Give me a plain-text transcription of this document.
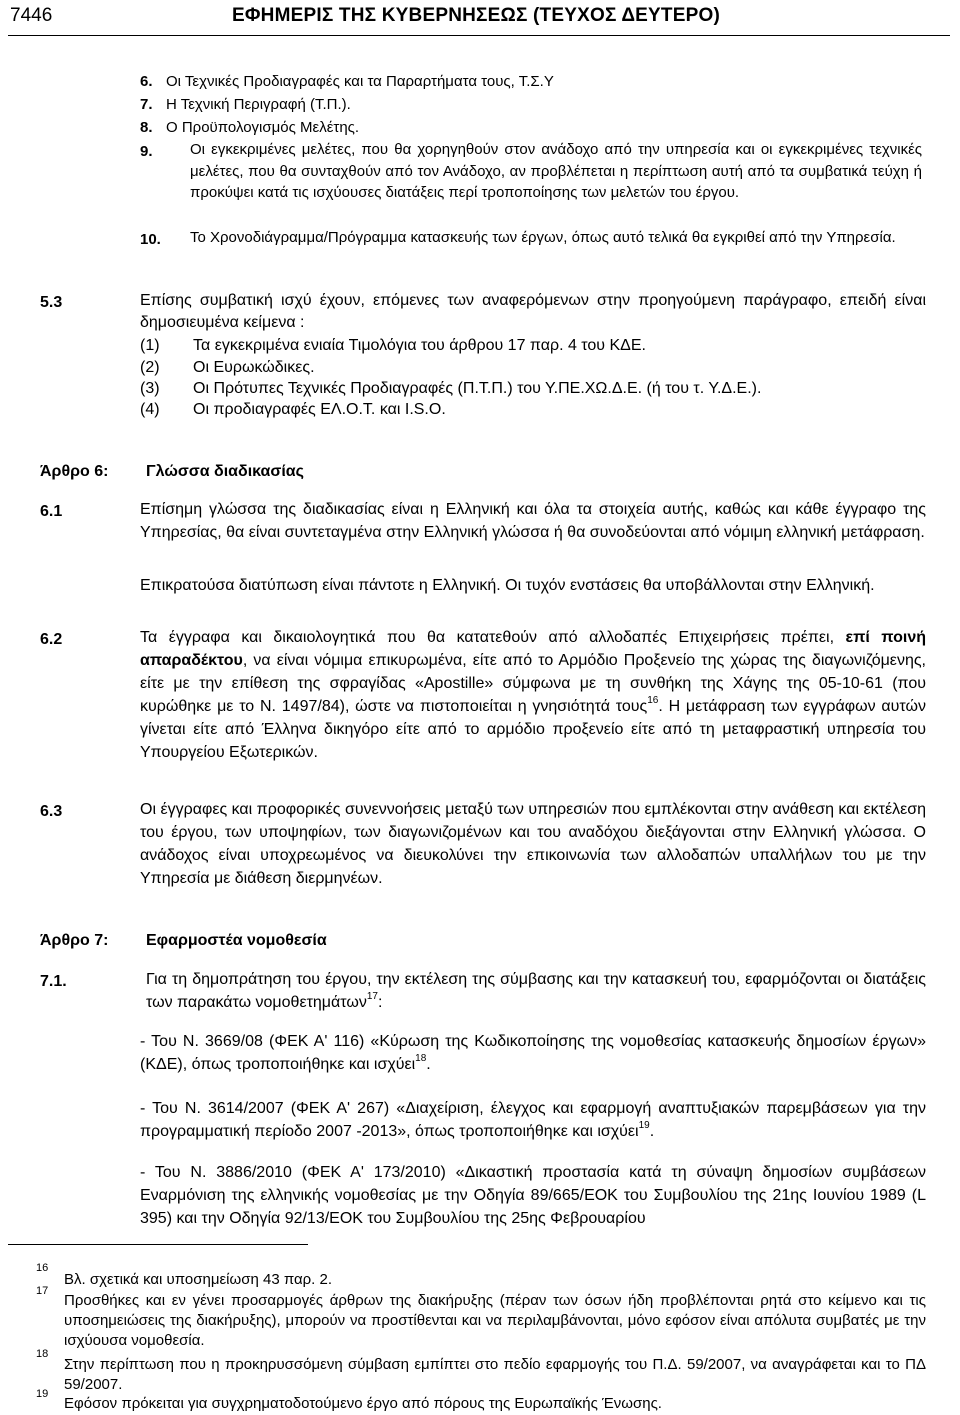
7446	ΕΦΗΜΕΡΙΣ ΤΗΣ ΚΥΒΕΡΝΗΣΕΩΣ (ΤΕΥΧΟΣ ΔΕΥΤΕΡΟ)
6. Οι Τεχνικές Προδιαγραφές και τα Παραρτήματα τους, Τ.Σ.Υ
7. Η Τεχνική Περιγραφή (Τ.Π.).
8. Ο Προϋπολογισμός Μελέτης.
9. Οι εγκεκριμένες μελέτες, που θα χορηγηθούν στον ανάδοχο από την υπηρεσία και οι εγκεκριμένες τεχνικές μελέτες, που θα συνταχθούν από τον Ανάδοχο, αν προβλέπεται η περίπτωση αυτή από τα συμβατικά τεύχη ή προκύψει κατά τις ισχύουσες διατάξεις περί τροποποίησης των μελετών του έργου.
10. Το Χρονοδιάγραμμα/Πρόγραμμα κατασκευής των έργων, όπως αυτό τελικά θα εγκριθεί από την Υπηρεσία.
5.3	Επίσης συμβατική ισχύ έχουν, επόμενες των αναφερόμενων στην προηγούμενη παράγραφο, επειδή είναι δημοσιευμένα κείμενα :
(1) Τα εγκεκριμένα ενιαία Τιμολόγια του άρθρου 17 παρ. 4 του ΚΔΕ.
(2) Οι Ευρωκώδικες.
(3) Οι Πρότυπες Τεχνικές Προδιαγραφές (Π.Τ.Π.) του Υ.ΠΕ.ΧΩ.Δ.Ε. (ή του τ. Υ.Δ.Ε.).
(4) Οι προδιαγραφές ΕΛ.Ο.Τ. και I.S.O.
Άρθρο 6: Γλώσσα διαδικασίας
6.1	Επίσημη γλώσσα της διαδικασίας είναι η Ελληνική και όλα τα στοιχεία αυτής, καθώς και κάθε έγγραφο της Υπηρεσίας, θα είναι συντεταγμένα στην Ελληνική γλώσσα ή θα συνοδεύονται από νόμιμη ελληνική μετάφραση.
Επικρατούσα διατύπωση είναι πάντοτε η Ελληνική. Οι τυχόν ενστάσεις θα υποβάλλονται στην Ελληνική.
6.2	Τα έγγραφα και δικαιολογητικά που θα κατατεθούν από αλλοδαπές Επιχειρήσεις πρέπει, επί ποινή απαραδέκτου, να είναι νόμιμα επικυρωμένα, είτε από το Αρμόδιο Προξενείο της χώρας της διαγωνιζόμενης, είτε με την επίθεση της σφραγίδας «Apostille» σύμφωνα με τη συνθήκη της Χάγης της 05-10-61 (που κυρώθηκε με το Ν. 1497/84), ώστε να πιστοποιείται η γνησιότητά τους$^{16}$. Η μετάφραση των εγγράφων αυτών γίνεται είτε από Έλληνα δικηγόρο είτε από το αρμόδιο προξενείο είτε από τη μεταφραστική υπηρεσία του Υπουργείου Εξωτερικών.
6.3	Οι έγγραφες και προφορικές συνεννοήσεις μεταξύ των υπηρεσιών που εμπλέκονται στην ανάθεση και εκτέλεση του έργου, των υποψηφίων, των διαγωνιζομένων και του αναδόχου διεξάγονται στην Ελληνική γλώσσα. Ο ανάδοχος είναι υποχρεωμένος να διευκολύνει την επικοινωνία των αλλοδαπών υπαλλήλων του με την Υπηρεσία με διάθεση διερμηνέων.
Άρθρο 7: Εφαρμοστέα νομοθεσία
7.1.	Για τη δημοπράτηση του έργου, την εκτέλεση της σύμβασης και την κατασκευή του, εφαρμόζονται οι διατάξεις των παρακάτω νομοθετημάτων$^{17}$:
- Του Ν. 3669/08 (ΦΕΚ Α' 116) «Κύρωση της Κωδικοποίησης της νομοθεσίας κατασκευής δημοσίων έργων» (ΚΔΕ), όπως τροποποιήθηκε και ισχύει$^{18}$.
- Του Ν. 3614/2007 (ΦΕΚ Α' 267) «Διαχείριση, έλεγχος και εφαρμογή αναπτυξιακών παρεμβάσεων για την προγραμματική περίοδο 2007 -2013», όπως τροποποιήθηκε και ισχύει$^{19}$.
- Του Ν. 3886/2010 (ΦΕΚ Α' 173/2010) «Δικαστική προστασία κατά τη σύναψη δημοσίων συμβάσεων Εναρμόνιση της ελληνικής νομοθεσίας με την Οδηγία 89/665/ΕΟΚ του Συμβουλίου της 21ης Ιουνίου 1989 (L 395) και την Οδηγία 92/13/ΕΟΚ του Συμβουλίου της 25ης Φεβρουαρίου
16
Βλ. σχετικά και υποσημείωση 43 παρ. 2.
17
Προσθήκες και εν γένει προσαρμογές άρθρων της διακήρυξης (πέραν των όσων ήδη προβλέπονται ρητά στο κείμενο και τις υποσημειώσεις της διακήρυξης), μπορούν να προστίθενται και να περιλαμβάνονται, μόνο εφόσον είναι απόλυτα συμβατές με την ισχύουσα νομοθεσία.
18
Στην περίπτωση που η προκηρυσσόμενη σύμβαση εμπίπτει στο πεδίο εφαρμογής του Π.Δ. 59/2007, να αναγράφεται και το ΠΔ 59/2007.
19
Εφόσον πρόκειται για συγχρηματοδοτούμενο έργο από πόρους της Ευρωπαϊκής Ένωσης.
